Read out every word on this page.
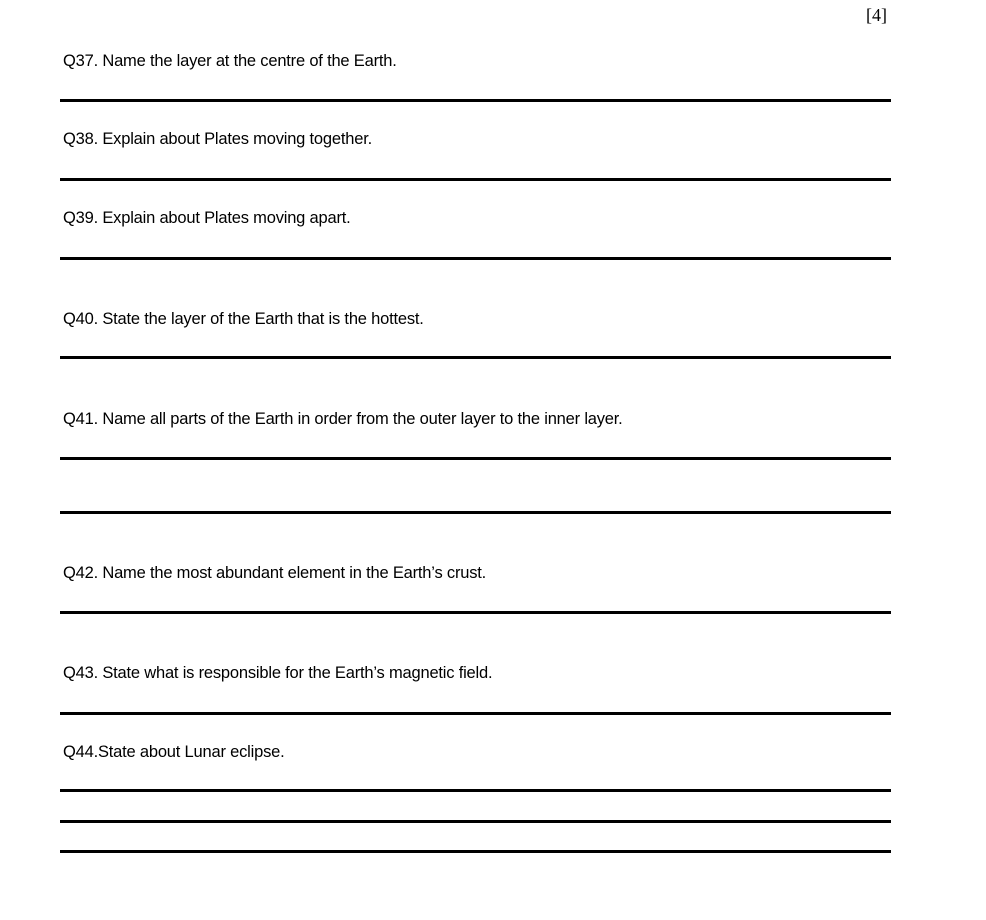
[4]
Q37. Name the layer at the centre of the Earth.
Q38. Explain about Plates moving together.
Q39. Explain about Plates moving apart.
Q40. State the layer of the Earth that is the hottest.
Q41. Name all parts of the Earth in order from the outer layer to the inner layer.
Q42. Name the most abundant element in the Earth’s crust.
Q43. State what is responsible for the Earth’s magnetic field.
Q44.State about Lunar eclipse.
